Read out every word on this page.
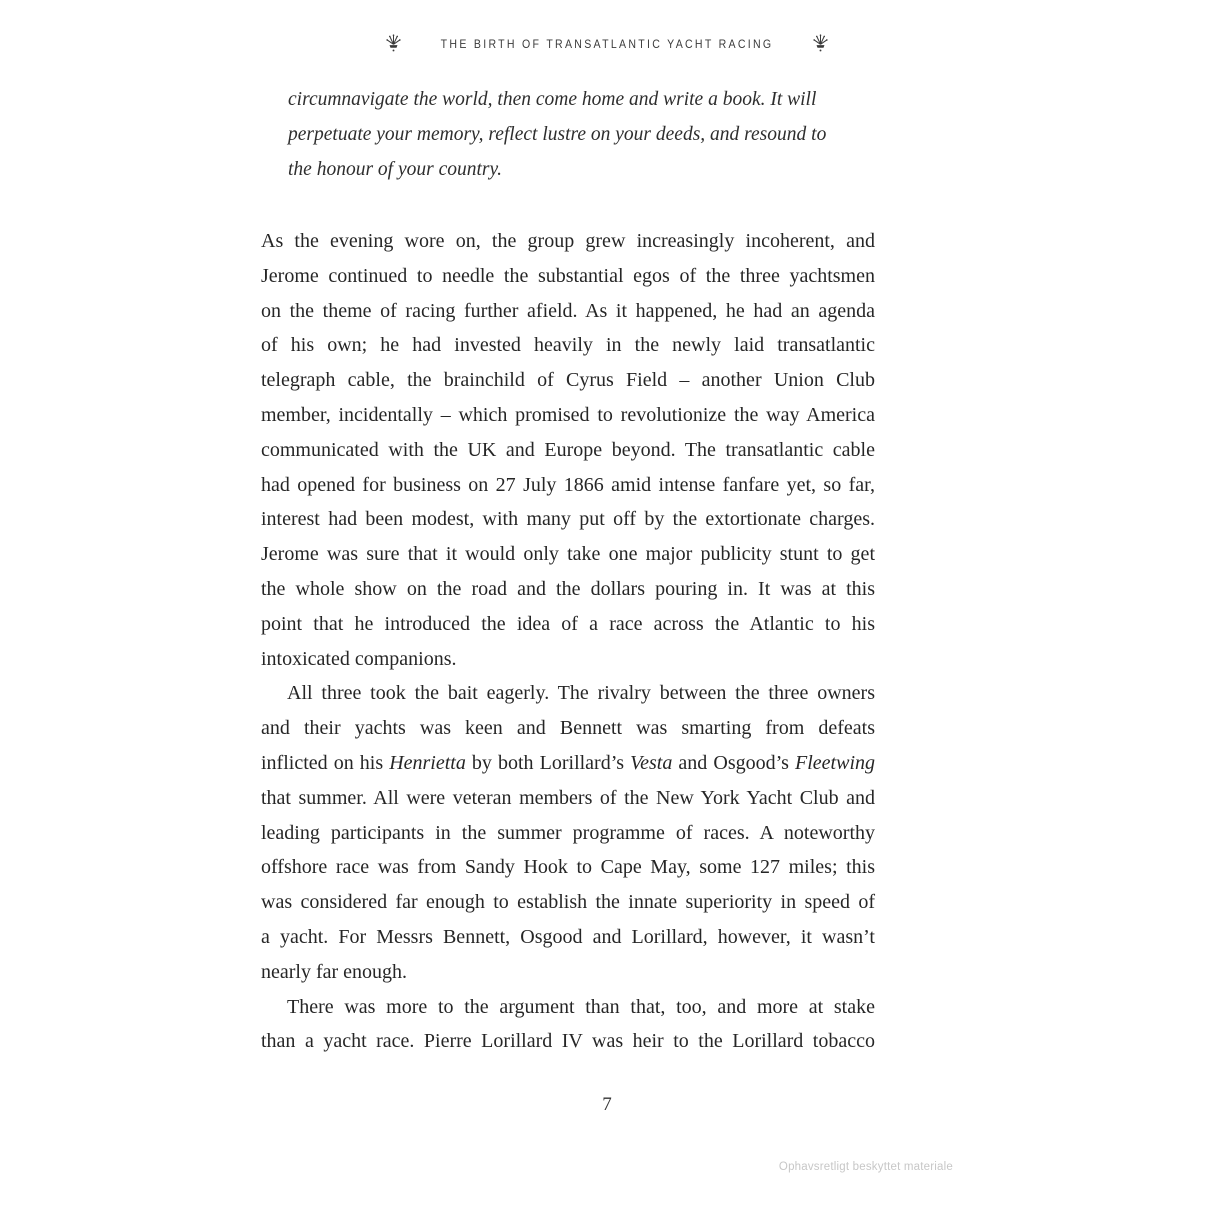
THE BIRTH OF TRANSATLANTIC YACHT RACING
circumnavigate the world, then come home and write a book. It will
perpetuate your memory, reflect lustre on your deeds, and resound to
the honour of your country.
As the evening wore on, the group grew increasingly incoherent, and
Jerome continued to needle the substantial egos of the three yachtsmen
on the theme of racing further afield. As it happened, he had an agenda
of his own; he had invested heavily in the newly laid transatlantic
telegraph cable, the brainchild of Cyrus Field – another Union Club
member, incidentally – which promised to revolutionize the way America
communicated with the UK and Europe beyond. The transatlantic cable
had opened for business on 27 July 1866 amid intense fanfare yet, so far,
interest had been modest, with many put off by the extortionate charges.
Jerome was sure that it would only take one major publicity stunt to get
the whole show on the road and the dollars pouring in. It was at this
point that he introduced the idea of a race across the Atlantic to his
intoxicated companions.
All three took the bait eagerly. The rivalry between the three owners
and their yachts was keen and Bennett was smarting from defeats
inflicted on his Henrietta by both Lorillard’s Vesta and Osgood’s Fleetwing
that summer. All were veteran members of the New York Yacht Club and
leading participants in the summer programme of races. A noteworthy
offshore race was from Sandy Hook to Cape May, some 127 miles; this
was considered far enough to establish the innate superiority in speed of
a yacht. For Messrs Bennett, Osgood and Lorillard, however, it wasn’t
nearly far enough.
There was more to the argument than that, too, and more at stake
than a yacht race. Pierre Lorillard IV was heir to the Lorillard tobacco
7
Ophavsretligt beskyttet materiale
